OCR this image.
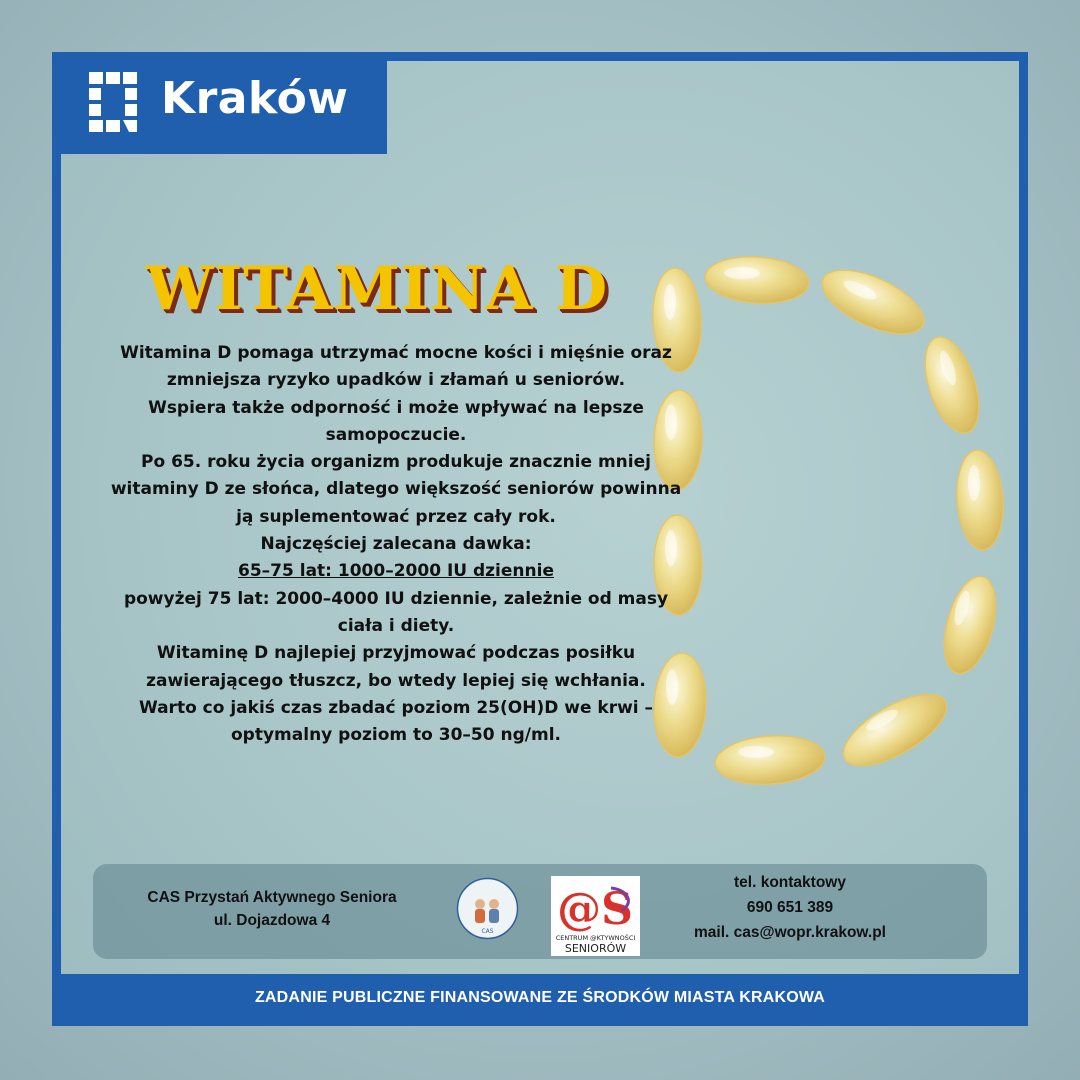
Kraków
WITAMINA D

Witamina D pomaga utrzymać mocne kości i mięśnie oraz

zmniejsza ryzyko upadków i złamań u seniorów.

Wspiera także odporność i może wpływać na lepsze

samopoczucie.

Po 65. roku życia organizm produkuje znacznie mniej

witaminy D ze słońca, dlatego większość seniorów powinna

ją suplementować przez cały rok.

Najczęściej zalecana dawka:

65–75 lat: 1000–2000 IU dziennie

powyżej 75 lat: 2000–4000 IU dziennie, zależnie od masy

ciała i diety.

Witaminę D najlepiej przyjmować podczas posiłku

zawierającego tłuszcz, bo wtedy lepiej się wchłania.

Warto co jakiś czas zbadać poziom 25(OH)D we krwi –

optymalny poziom to 30–50 ng/ml.

CAS Przystań Aktywnego Seniora
ul. Dojazdowa 4
CAS @S
CENTRUM @KTYWNOŚCI
SENIORÓW
tel. kontaktowy
690 651 389
mail. cas@wopr.krakow.pl
ZADANIE PUBLICZNE FINANSOWANE ZE ŚRODKÓW MIASTA KRAKOWA
